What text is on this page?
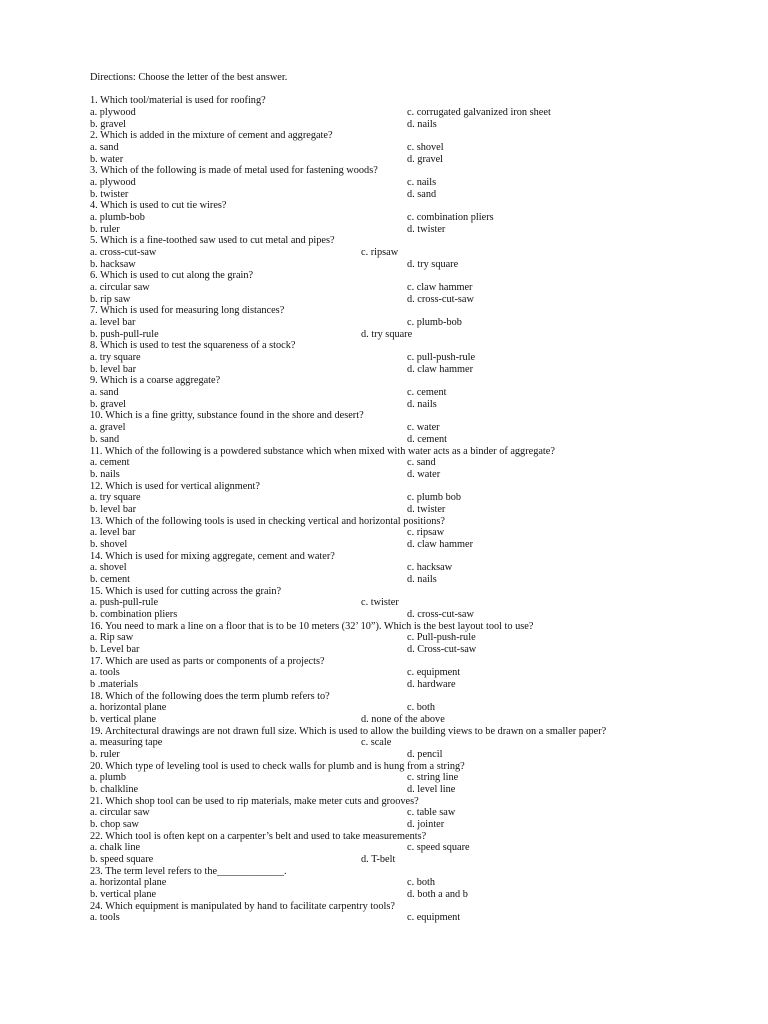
Directions: Choose the letter of the best answer.
1. Which tool/material is used for roofing?
a. plywood	c. corrugated galvanized iron sheet
b. gravel	d. nails
2. Which is added in the mixture of cement and aggregate?
a. sand	c. shovel
b. water	d. gravel
3. Which of the following is made of metal used for fastening woods?
a. plywood	c. nails
b. twister	d. sand
4. Which is used to cut tie wires?
a. plumb-bob	c. combination pliers
b. ruler	d. twister
5. Which is a fine-toothed saw used to cut metal and pipes?
a. cross-cut-saw	c. ripsaw
b. hacksaw	d. try square
6. Which is used to cut along the grain?
a. circular saw	c. claw hammer
b. rip saw	d. cross-cut-saw
7. Which is used for measuring long distances?
a. level bar	c. plumb-bob
b. push-pull-rule	d. try square
8. Which is used to test the squareness of a stock?
a. try square	c. pull-push-rule
b. level bar	d. claw hammer
9. Which is a coarse aggregate?
a. sand	c. cement
b. gravel	d. nails
10. Which is a fine gritty, substance found in the shore and desert?
a. gravel	c. water
b. sand	d. cement
11. Which of the following is a powdered substance which when mixed with water acts as a binder of aggregate?
a. cement	c. sand
b. nails	d. water
12. Which is used for vertical alignment?
a. try square	c. plumb bob
b. level bar	d. twister
13. Which of the following tools is used in checking vertical and horizontal positions?
a. level bar	c. ripsaw
b. shovel	d. claw hammer
14. Which is used for mixing aggregate, cement and water?
a. shovel	c. hacksaw
b. cement	d. nails
15. Which is used for cutting across the grain?
a. push-pull-rule	c. twister
b. combination pliers	d. cross-cut-saw
16. You need to mark a line on a floor that is to be 10 meters (32’ 10”). Which is the best layout tool to use?
a. Rip saw	c. Pull-push-rule
b. Level bar	d. Cross-cut-saw
17. Which are used as parts or components of a projects?
a. tools	c. equipment
b .materials	d. hardware
18. Which of the following does the term plumb refers to?
a. horizontal plane	c. both
b. vertical plane	d. none of the above
19. Architectural drawings are not drawn full size. Which is used to allow the building views to be drawn on a smaller paper?
a. measuring tape	c. scale
b. ruler	d. pencil
20. Which type of leveling tool is used to check walls for plumb and is hung from a string?
a. plumb	c. string line
b. chalkline	d. level line
21. Which shop tool can be used to rip materials, make meter cuts and grooves?
a. circular saw	c. table saw
b. chop saw	d. jointer
22. Which tool is often kept on a carpenter’s belt and used to take measurements?
a. chalk line	c. speed square
b. speed square	d. T-belt
23. The term level refers to the_____________.
a. horizontal plane	c. both
b. vertical plane	d. both a and b
24. Which equipment is manipulated by hand to facilitate carpentry tools?
a. tools	c. equipment
